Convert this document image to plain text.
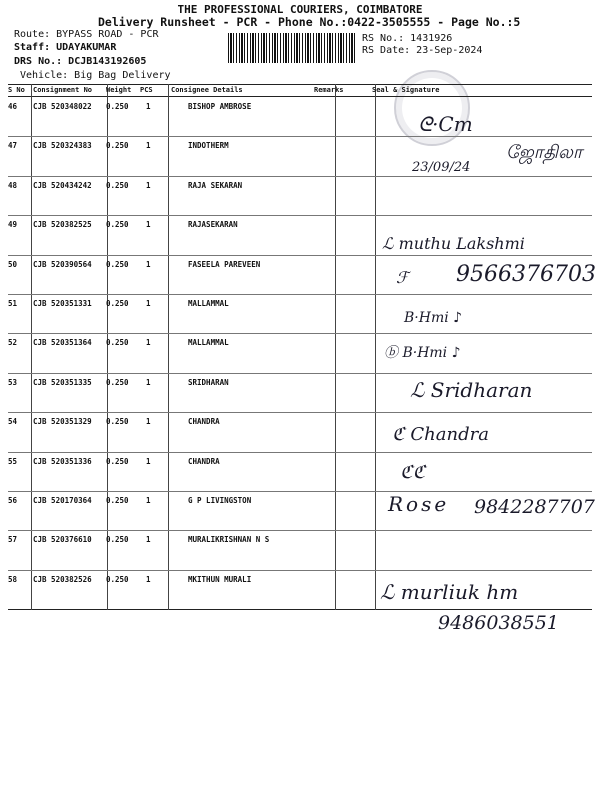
THE PROFESSIONAL COURIERS, COIMBATORE
Delivery Runsheet - PCR - Phone No.:0422-3505555 - Page No.:5
Route: BYPASS ROAD - PCR
Staff: UDAYAKUMAR
DRS No.: DCJB143192605
Vehicle: Big Bag Delivery
RS No.: 1431926
RS Date: 23-Sep-2024
S No Consignment No Weight PCS	Consignee Details	Remarks	Seal & Signature
46 CJB 520348022 0.250 1	BISHOP AMBROSE
47 CJB 520324383 0.250 1	INDOTHERM
48 CJB 520434242 0.250 1	RAJA SEKARAN
49 CJB 520382525 0.250 1	RAJASEKARAN
50 CJB 520390564 0.250 1	FASEELA PAREVEEN
51 CJB 520351331 0.250 1	MALLAMMAL
52 CJB 520351364 0.250 1	MALLAMMAL
53 CJB 520351335 0.250 1	SRIDHARAN
54 CJB 520351329 0.250 1	CHANDRA
55 CJB 520351336 0.250 1	CHANDRA
56 CJB 520170364 0.250 1	G P LIVINGSTON
57 CJB 520376610 0.250 1	MURALIKRISHNAN N S
58 CJB 520382526 0.250 1	MKITHUN MURALI
ᘓ·Cm
23/09/24
ஜோதிலா
ℒ muthu Lakshmi
ℱ 9566376703
B·Hmi ♪
ⓑ B·Hmi ♪
ℒ Sridharan
ℭ Chandra
ℭℭ
Rose 9842287707
ℒ murliuk hm
9486038551
